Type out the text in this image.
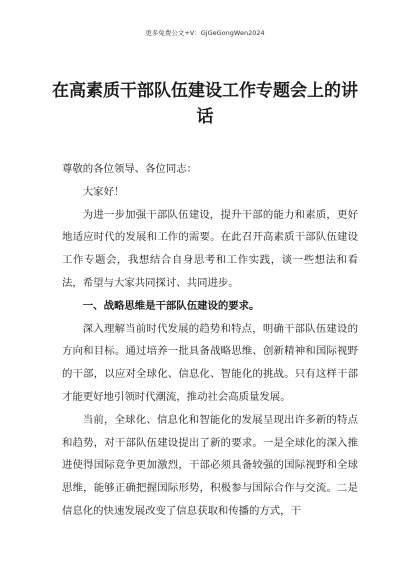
更多免费公文+V：GjGeGongWen2024
在高素质干部队伍建设工作专题会上的讲话

尊敬的各位领导、各位同志：

大家好！

为进一步加强干部队伍建设，提升干部的能力和素质，更好地适应时代的发展和工作的需要。在此召开高素质干部队伍建设工作专题会，我想结合自身思考和工作实践，谈一些想法和看法，希望与大家共同探讨、共同进步。

一、战略思维是干部队伍建设的要求。

深入理解当前时代发展的趋势和特点，明确干部队伍建设的方向和目标。通过培养一批具备战略思维、创新精神和国际视野的干部，以应对全球化、信息化、智能化的挑战。只有这样干部才能更好地引领时代潮流，推动社会高质量发展。

当前，全球化、信息化和智能化的发展呈现出许多新的特点和趋势，对干部队伍建设提出了新的要求。一是全球化的深入推进使得国际竞争更加激烈，干部必须具备较强的国际视野和全球思维，能够正确把握国际形势，积极参与国际合作与交流。二是信息化的快速发展改变了信息获取和传播的方式，干
